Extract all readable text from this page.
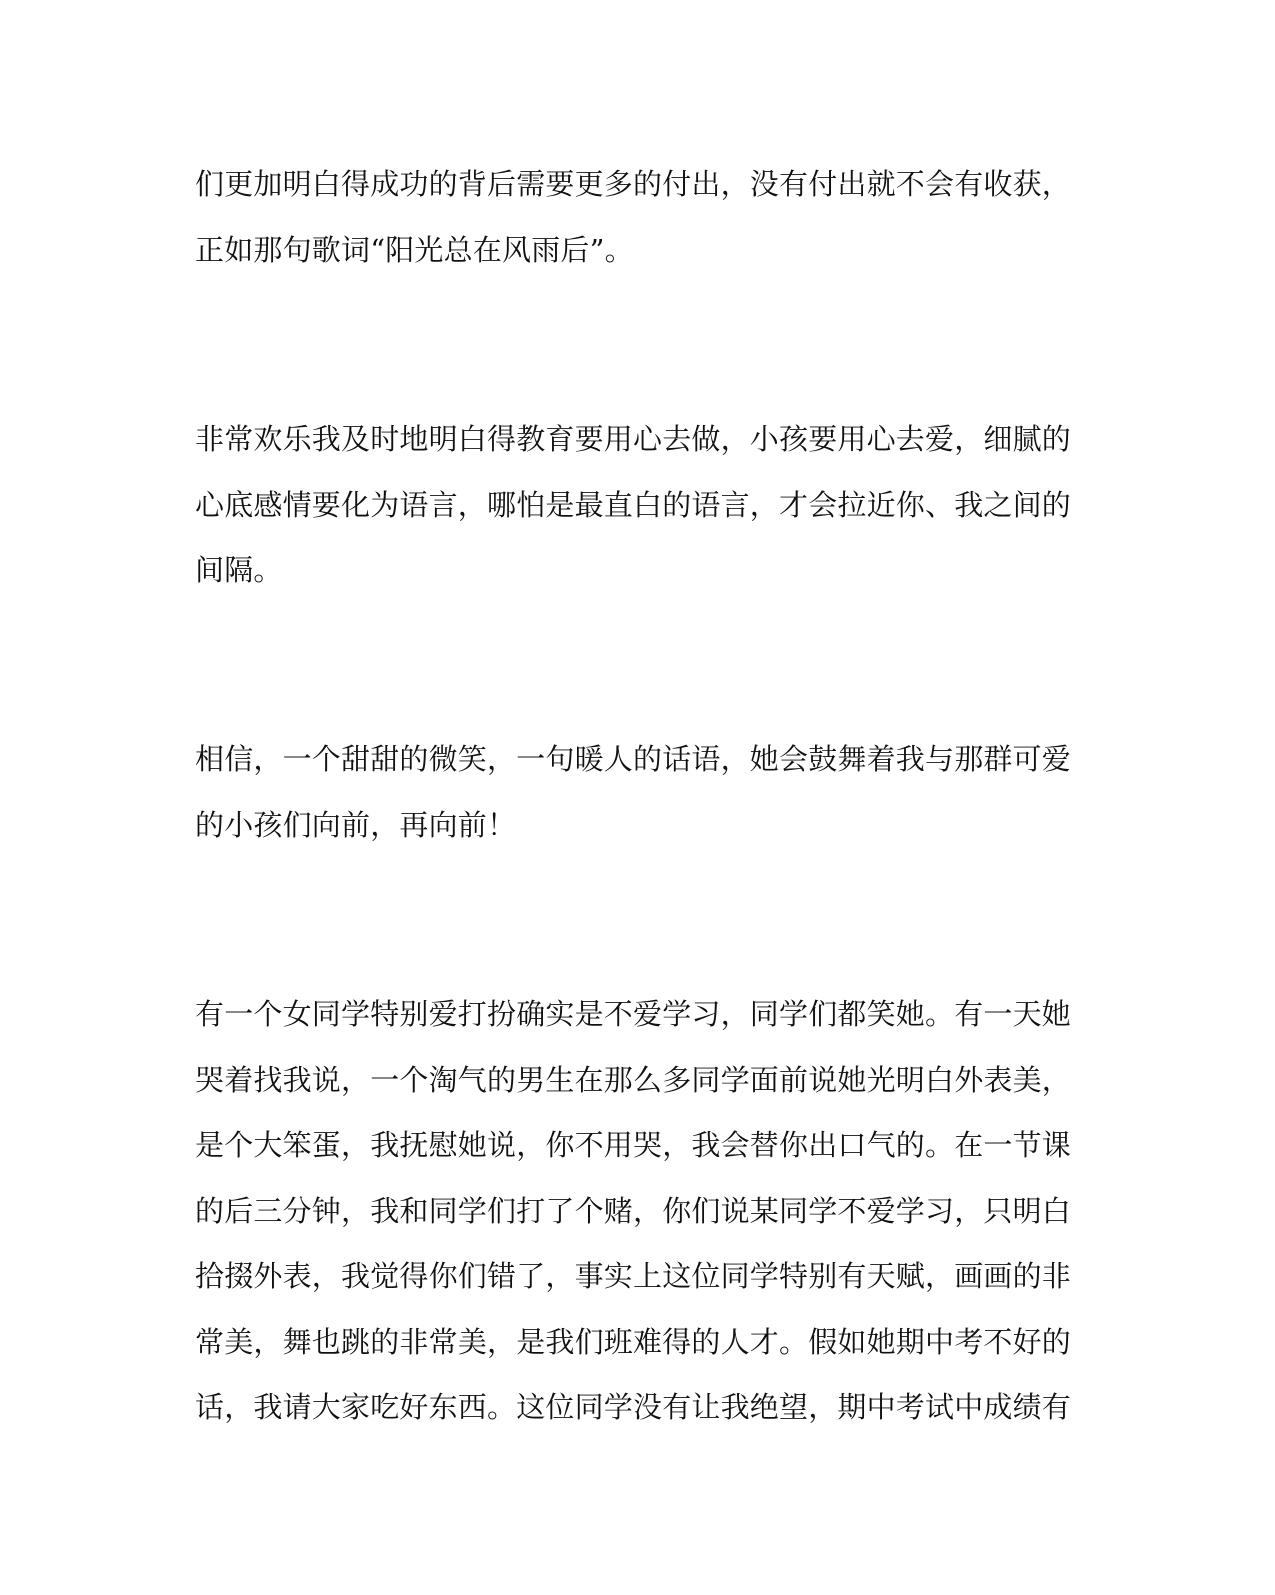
们更加明白得成功的背后需要更多的付出，没有付出就不会有收获，正如那句歌词“阳光总在风雨后”。

非常欢乐我及时地明白得教育要用心去做，小孩要用心去爱，细腻的心底感情要化为语言，哪怕是最直白的语言，才会拉近你、我之间的间隔。

相信，一个甜甜的微笑，一句暖人的话语，她会鼓舞着我与那群可爱的小孩们向前，再向前！

有一个女同学特别爱打扮确实是不爱学习，同学们都笑她。有一天她哭着找我说，一个淘气的男生在那么多同学面前说她光明白外表美，是个大笨蛋，我抚慰她说，你不用哭，我会替你出口气的。在一节课的后三分钟，我和同学们打了个赌，你们说某同学不爱学习，只明白拾掇外表，我觉得你们错了，事实上这位同学特别有天赋，画画的非常美，舞也跳的非常美，是我们班难得的人才。假如她期中考不好的话，我请大家吃好东西。这位同学没有让我绝望，期中考试中成绩有
